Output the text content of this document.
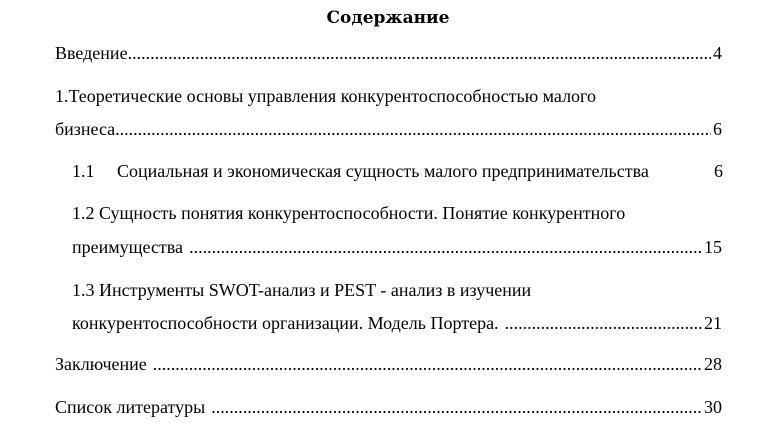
Содержание
Введение .....	4
1.Теоретические основы управления конкурентоспособностью малого
бизнеса .....	6
1.1	Социальная и экономическая сущность малого предпринимательства	6
1.2 Сущность понятия конкурентоспособности. Понятие конкурентного
преимущества .....	15
1.3 Инструменты SWOT-анализ и PEST - анализ в изучении
конкурентоспособности организации. Модель Портера. .....	21
Заключение .....	28
Список литературы .....	30
